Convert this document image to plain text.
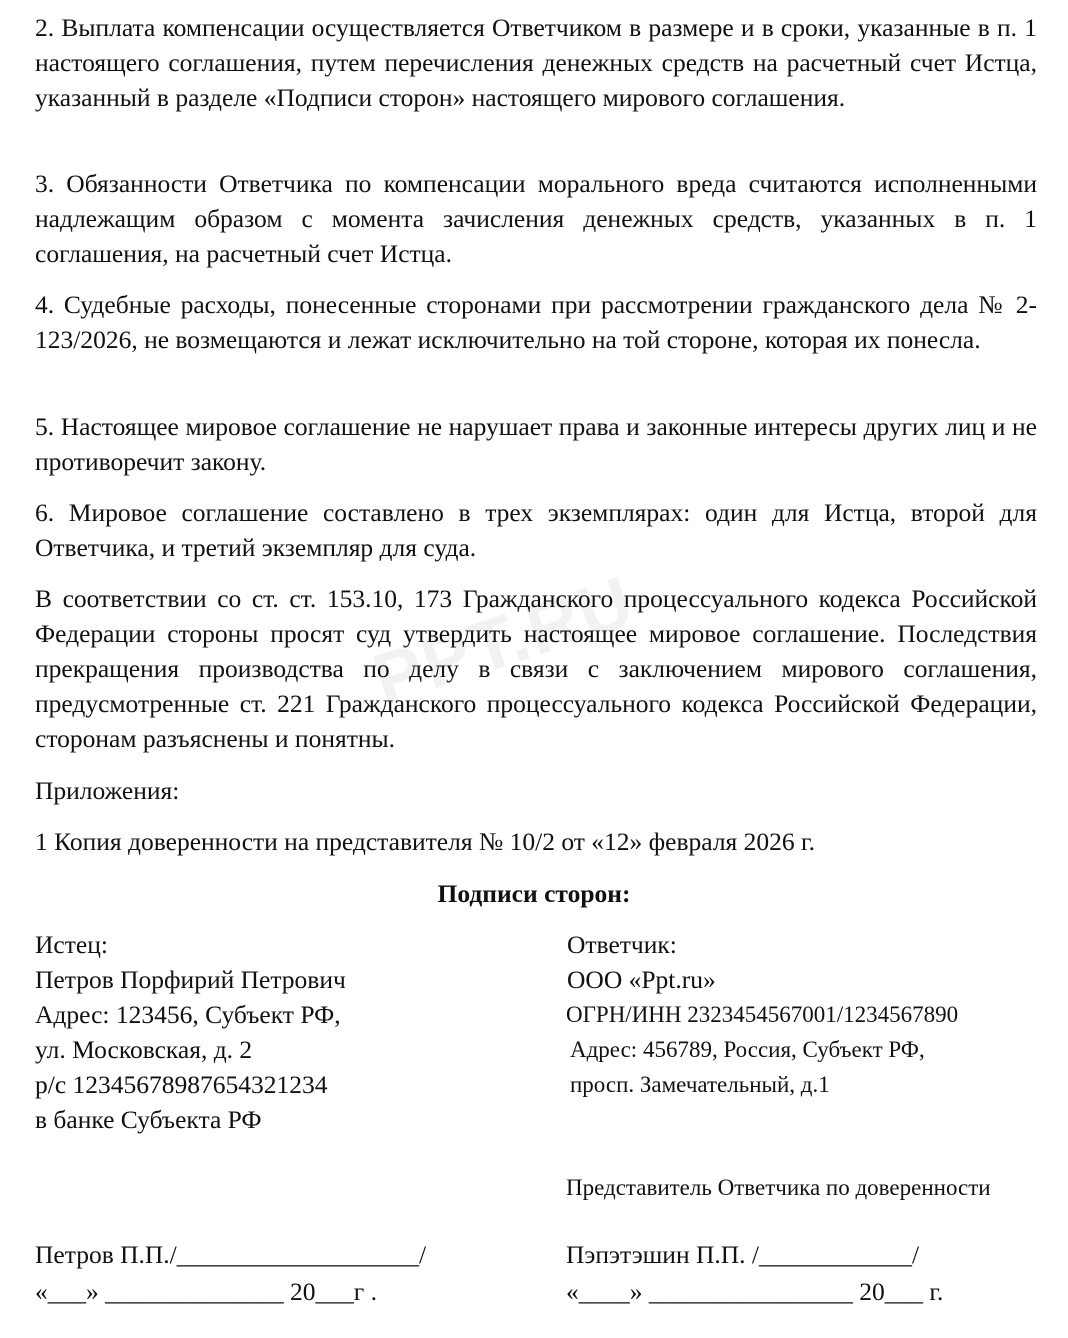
PPT.RU

2. Выплата компенсации осуществляется Ответчиком в размере и в сроки, указанные в п. 1 настоящего соглашения, путем перечисления денежных средств на расчетный счет Истца, указанный в разделе «Подписи сторон» настоящего мирового соглашения.

3. Обязанности Ответчика по компенсации морального вреда считаются исполненными надлежащим образом с момента зачисления денежных средств, указанных в п. 1 соглашения, на расчетный счет Истца.

4. Судебные расходы, понесенные сторонами при рассмотрении гражданского дела № 2-123/2026, не возмещаются и лежат исключительно на той стороне, которая их понесла.

5. Настоящее мировое соглашение не нарушает права и законные интересы других лиц и не противоречит закону.

6. Мировое соглашение составлено в трех экземплярах: один для Истца, второй для Ответчика, и третий экземпляр для суда.

В соответствии со ст. ст. 153.10, 173 Гражданского процессуального кодекса Российской Федерации стороны просят суд утвердить настоящее мировое соглашение. Последствия прекращения производства по делу в связи с заключением мирового соглашения, предусмотренные ст. 221 Гражданского процессуального кодекса Российской Федерации, сторонам разъяснены и понятны.

Приложения:

1 Копия доверенности на представителя № 10/2 от «12» февраля 2026 г.

Подписи сторон:

Истец:

Петров Порфирий Петрович

Адрес: 123456, Субъект РФ,

ул. Московская, д. 2

р/с 12345678987654321234

в банке Субъекта РФ

Петров П.П./___________________/

«___» ______________ 20___г .

Ответчик:

ООО «Ppt.ru»

ОГРН/ИНН 2323454567001/1234567890

Адрес: 456789, Россия, Субъект РФ,

просп. Замечательный, д.1

Представитель Ответчика по доверенности

Пэпэтэшин П.П. /____________/

«____» ________________ 20___ г.
